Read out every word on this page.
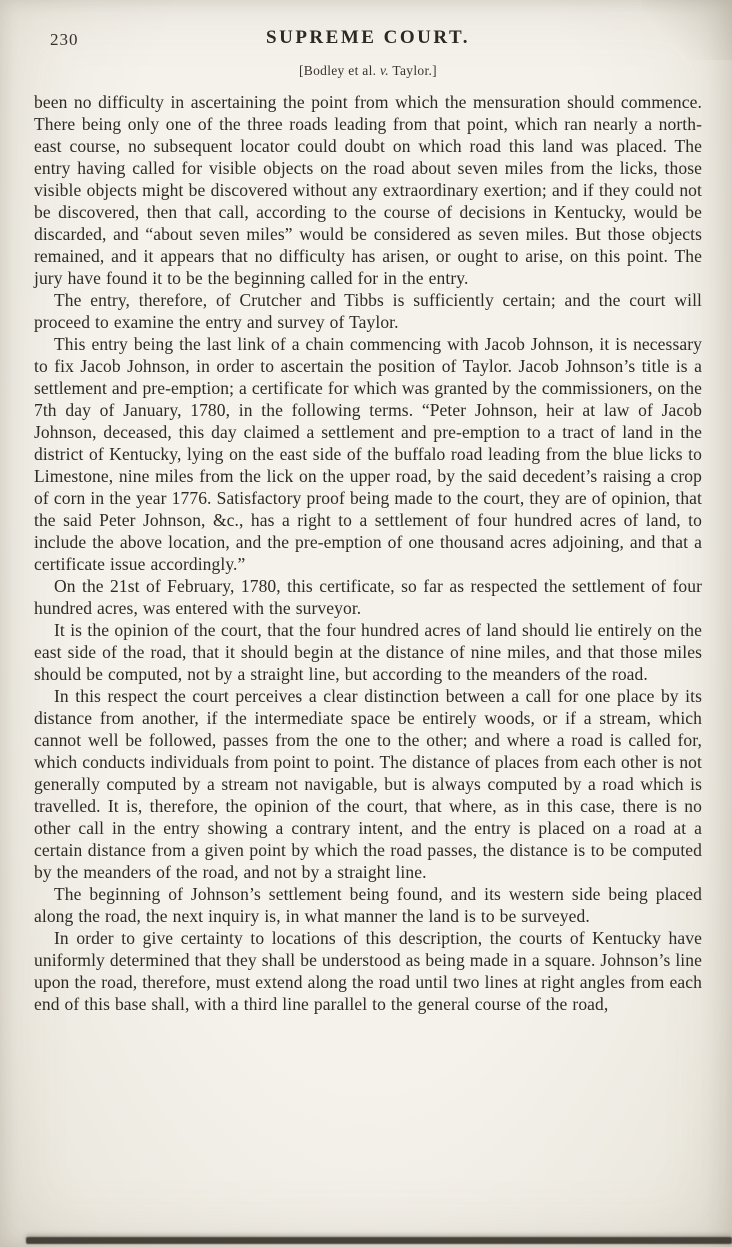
230	SUPREME COURT.
[Bodley et al. v. Taylor.]

been no difficulty in ascertaining the point from which the mensuration should commence. There being only one of the three roads leading from that point, which ran nearly a north-east course, no subsequent locator could doubt on which road this land was placed. The entry having called for visible objects on the road about seven miles from the licks, those visible objects might be discovered without any extraordinary exertion; and if they could not be discovered, then that call, according to the course of decisions in Kentucky, would be discarded, and “about seven miles” would be considered as seven miles. But those objects remained, and it appears that no difficulty has arisen, or ought to arise, on this point. The jury have found it to be the beginning called for in the entry.

The entry, therefore, of Crutcher and Tibbs is sufficiently certain; and the court will proceed to examine the entry and survey of Taylor.

This entry being the last link of a chain commencing with Jacob Johnson, it is necessary to fix Jacob Johnson, in order to ascertain the position of Taylor. Jacob Johnson’s title is a settlement and pre-emption; a certificate for which was granted by the commissioners, on the 7th day of January, 1780, in the following terms. “Peter Johnson, heir at law of Jacob Johnson, deceased, this day claimed a settlement and pre-emption to a tract of land in the district of Kentucky, lying on the east side of the buffalo road leading from the blue licks to Limestone, nine miles from the lick on the upper road, by the said decedent’s raising a crop of corn in the year 1776. Satisfactory proof being made to the court, they are of opinion, that the said Peter Johnson, &c., has a right to a settlement of four hundred acres of land, to include the above location, and the pre-emption of one thousand acres adjoining, and that a certificate issue accordingly.”

On the 21st of February, 1780, this certificate, so far as respected the settlement of four hundred acres, was entered with the surveyor.

It is the opinion of the court, that the four hundred acres of land should lie entirely on the east side of the road, that it should begin at the distance of nine miles, and that those miles should be computed, not by a straight line, but according to the meanders of the road.

In this respect the court perceives a clear distinction between a call for one place by its distance from another, if the intermediate space be entirely woods, or if a stream, which cannot well be followed, passes from the one to the other; and where a road is called for, which conducts individuals from point to point. The distance of places from each other is not generally computed by a stream not navigable, but is always computed by a road which is travelled. It is, therefore, the opinion of the court, that where, as in this case, there is no other call in the entry showing a contrary intent, and the entry is placed on a road at a certain distance from a given point by which the road passes, the distance is to be computed by the meanders of the road, and not by a straight line.

The beginning of Johnson’s settlement being found, and its western side being placed along the road, the next inquiry is, in what manner the land is to be surveyed.

In order to give certainty to locations of this description, the courts of Kentucky have uniformly determined that they shall be understood as being made in a square. Johnson’s line upon the road, therefore, must extend along the road until two lines at right angles from each end of this base shall, with a third line parallel to the general course of the road,
